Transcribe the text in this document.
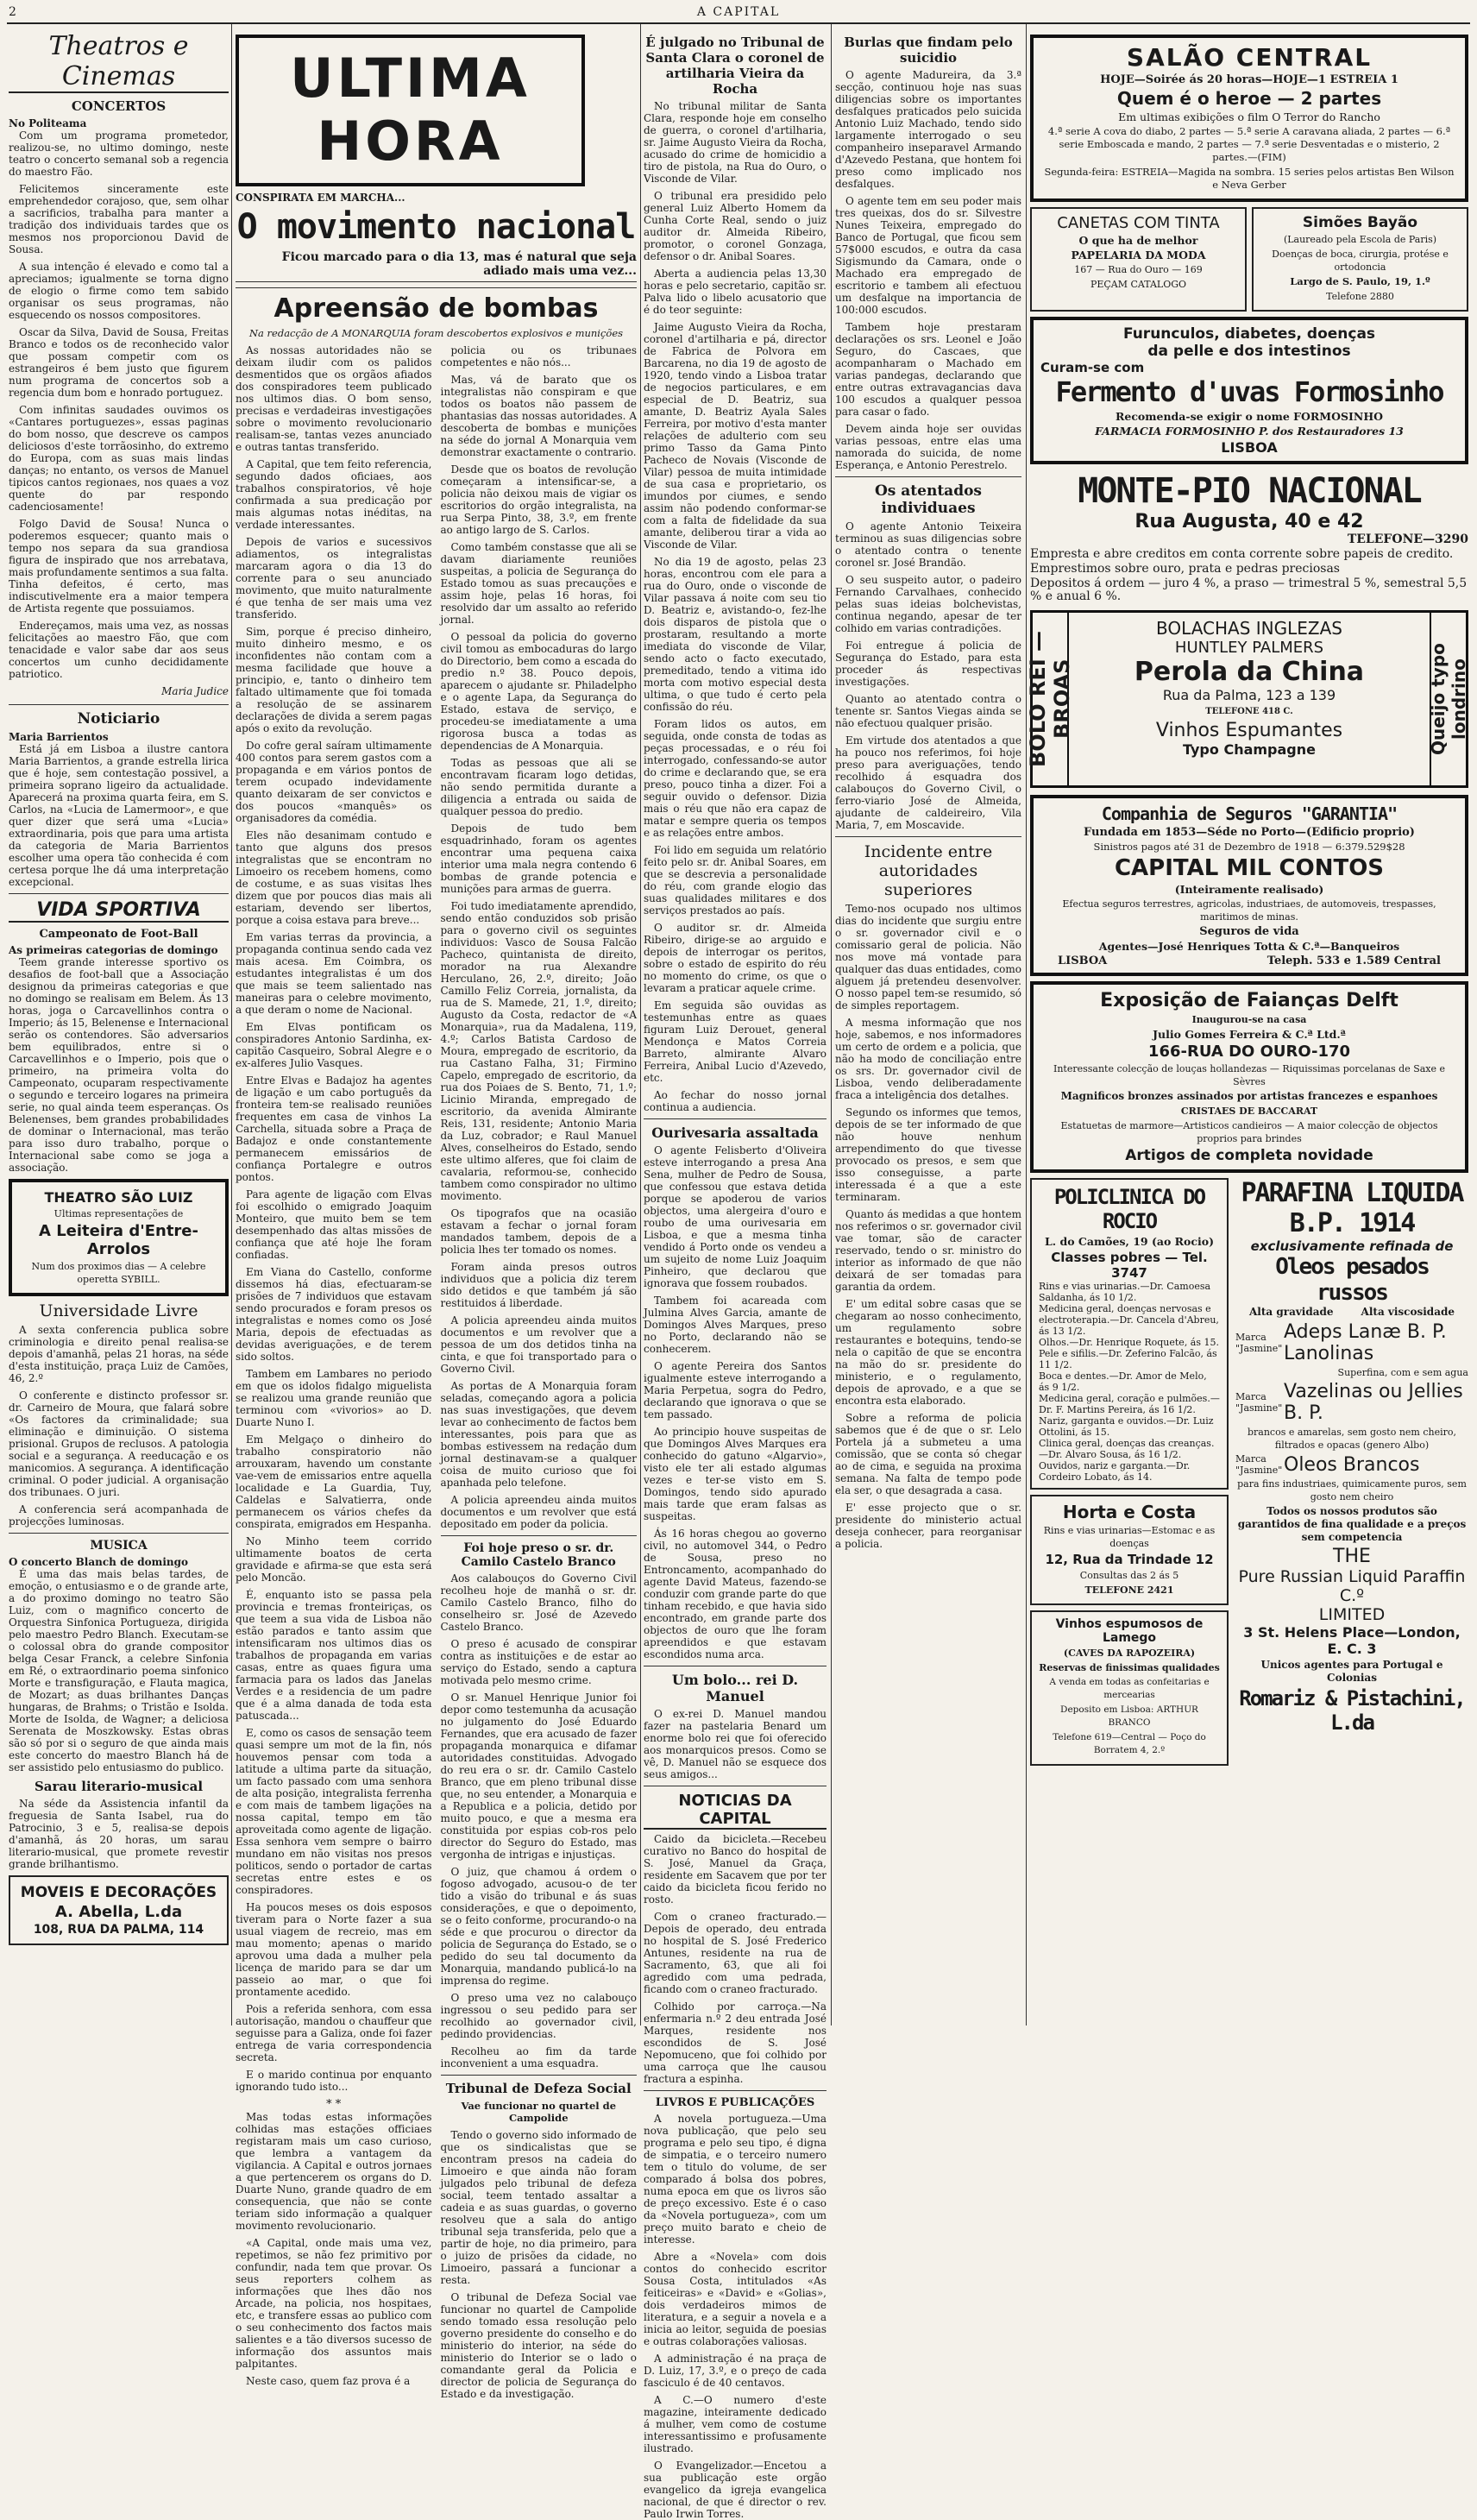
2	A CAPITAL
Theatros e Cinemas
CONCERTOS
No Politeama

Com um programa prometedor, realizou-se, no ultimo domingo, neste teatro o concerto semanal sob a regencia do maestro Fão.

Felicitemos sinceramente este emprehendedor corajoso, que, sem olhar a sacrificios, trabalha para manter a tradição dos individuais tardes que os mesmos nos proporcionou David de Sousa.

A sua intenção é elevado e como tal a apreciamos; igualmente se torna digno de elogio o firme como tem sabido organisar os seus programas, não esquecendo os nossos compositores.

Oscar da Silva, David de Sousa, Freitas Branco e todos os de reconhecido valor que possam competir com os estrangeiros é bem justo que figurem num programa de concertos sob a regencia dum bom e honrado portuguez.

Com infinitas saudades ouvimos os «Cantares portuguezes», essas paginas do bom nosso, que descreve os campos deliciosos d'este torrãosinho, do extremo do Europa, com as suas mais lindas danças; no entanto, os versos de Manuel tipicos cantos regionaes, nos quaes a voz quente do par respondo cadenciosamente!

Folgo David de Sousa! Nunca o poderemos esquecer; quanto mais o tempo nos separa da sua grandiosa figura de inspirado que nos arrebatava, mais profundamente sentimos a sua falta. Tinha defeitos, é certo, mas indiscutivelmente era a maior tempera de Artista regente que possuiamos.

Endereçamos, mais uma vez, as nossas felicitações ao maestro Fão, que com tenacidade e valor sabe dar aos seus concertos um cunho decididamente patriotico.

Maria Judice
Noticiario
Maria Barrientos

Está já em Lisboa a ilustre cantora Maria Barrientos, a grande estrella lirica que é hoje, sem contestação possivel, a primeira soprano ligeiro da actualidade. Aparecerá na proxima quarta feira, em S. Carlos, na «Lucia de Lamermoor», e que quer dizer que será uma «Lucia» extraordinaria, pois que para uma artista da categoria de Maria Barrientos escolher uma opera tão conhecida é com certesa porque lhe dá uma interpretação excepcional.

VIDA SPORTIVA
Campeonato de Foot-Ball
As primeiras categorias de domingo

Teem grande interesse sportivo os desafios de foot-ball que a Associação designou da primeiras categorias e que no domingo se realisam em Belem. Ás 13 horas, joga o Carcavellinhos contra o Imperio; ás 15, Belenense e Internacional serão os contendores. São adversarios bem equilibrados, entre si o Carcavellinhos e o Imperio, pois que o primeiro, na primeira volta do Campeonato, ocuparam respectivamente o segundo e terceiro logares na primeira serie, no qual ainda teem esperanças. Os Belenenses, bem grandes probabilidades de dominar o Internacional, mas terão para isso duro trabalho, porque o Internacional sabe como se joga a associação.

THEATRO SÃO LUIZ
Ultimas representações de
A Leiteira d'Entre-Arrolos
Num dos proximos dias — A celebre operetta SYBILL.
Universidade Livre

A sexta conferencia publica sobre criminologia e direito penal realisa-se depois d'amanhã, pelas 21 horas, na séde d'esta instituição, praça Luiz de Camões, 46, 2.º

O conferente e distincto professor sr. dr. Carneiro de Moura, que falará sobre «Os factores da criminalidade; sua eliminação e diminuição. O sistema prisional. Grupos de reclusos. A patologia social e a segurança. A reeducação e os manicomios. A segurança. A identificação criminal. O poder judicial. A organisação dos tribunaes. O juri.

A conferencia será acompanhada de projecções luminosas.

MUSICA
O concerto Blanch de domingo

É uma das mais belas tardes, de emoção, o entusiasmo e o de grande arte, a do proximo domingo no teatro São Luiz, com o magnifico concerto de Orquestra Sinfonica Portugueza, dirigida pelo maestro Pedro Blanch. Executam-se o colossal obra do grande compositor belga Cesar Franck, a celebre Sinfonia em Ré, o extraordinario poema sinfonico Morte e transfiguração, e Flauta magica, de Mozart; as duas brilhantes Danças hungaras, de Brahms; o Tristão e Isolda. Morte de Isolda, de Wagner; a deliciosa Serenata de Moszkowsky. Estas obras são só por si o seguro de que ainda mais este concerto do maestro Blanch há de ser assistido pelo entusiasmo do publico.

Sarau literario-musical

Na séde da Assistencia infantil da freguesia de Santa Isabel, rua do Patrocinio, 3 e 5, realisa-se depois d'amanhã, ás 20 horas, um sarau literario-musical, que promete revestir grande brilhantismo.

MOVEIS E DECORAÇÕES
A. Abella, L.da
108, RUA DA PALMA, 114
ULTIMA HORA
CONSPIRATA EM MARCHA...
O movimento nacional
Ficou marcado para o dia 13, mas é natural que seja adiado mais uma vez...
Apreensão de bombas
Na redacção de A MONARQUIA foram descobertos explosivos e munições

As nossas autoridades não se deixam iludir com os palidos desmentidos que os orgãos afiados dos conspiradores teem publicado nos ultimos dias. O bom senso, precisas e verdadeiras investigações sobre o movimento revolucionario realisam-se, tantas vezes anunciado e outras tantas transferido.

A Capital, que tem feito referencia, segundo dados oficiaes, aos trabalhos conspiratorios, vê hoje confirmada a sua predicação por mais algumas notas inéditas, na verdade interessantes.

Depois de varios e sucessivos adiamentos, os integralistas marcaram agora o dia 13 do corrente para o seu anunciado movimento, que muito naturalmente é que tenha de ser mais uma vez transferido.

Sim, porque é preciso dinheiro, muito dinheiro mesmo, e os inconfidentes não contam com a mesma facilidade que houve a principio, e, tanto o dinheiro tem faltado ultimamente que foi tomada a resolução de se assinarem declarações de divida a serem pagas após o exito da revolução.

Do cofre geral saíram ultimamente 400 contos para serem gastos com a propaganda e em vários pontos de terem ocupado indevidamente quanto deixaram de ser convictos e dos poucos «manquês» os organisadores da comédia.

Eles não desanimam contudo e tanto que alguns dos presos integralistas que se encontram no Limoeiro os recebem homens, como de costume, e as suas visitas lhes dizem que por poucos dias mais ali estariam, devendo ser libertos, porque a coisa estava para breve...

Em varias terras da provincia, a propaganda continua sendo cada vez mais acesa. Em Coimbra, os estudantes integralistas é um dos que mais se teem salientado nas maneiras para o celebre movimento, a que deram o nome de Nacional.

Em Elvas pontificam os conspiradores Antonio Sardinha, ex-capitão Casqueiro, Sobral Alegre e o ex-alferes Julio Vasques.

Entre Elvas e Badajoz ha agentes de ligação e um cabo português da fronteira tem-se realisado reuniões frequentes em casa de vinhos La Carchella, situada sobre a Praça de Badajoz e onde constantemente permanecem emissários de confiança Portalegre e outros pontos.

Para agente de ligação com Elvas foi escolhido o emigrado Joaquim Monteiro, que muito bem se tem desempenhado das altas missões de confiança que até hoje lhe foram confiadas.

Em Viana do Castello, conforme dissemos há dias, efectuaram-se prisões de 7 individuos que estavam sendo procurados e foram presos os integralistas e nomes como os José Maria, depois de efectuadas as devidas averiguações, e de terem sido soltos.

Tambem em Lambares no periodo em que os idolos fidalgo miguelista se realizou uma grande reunião que terminou com «vivorios» ao D. Duarte Nuno I.

Em Melgaço o dinheiro do trabalho conspiratorio não arrouxaram, havendo um constante vae-vem de emissarios entre aquella localidade e La Guardia, Tuy, Caldelas e Salvatierra, onde permanecem os vários chefes da conspirata, emigrados em Hespanha.

No Minho teem corrido ultimamente boatos de certa gravidade e afirma-se que esta será pelo Moncão.

É, enquanto isto se passa pela provincia e tremas fronteiriças, os que teem a sua vida de Lisboa não estão parados e tanto assim que intensificaram nos ultimos dias os trabalhos de propaganda em varias casas, entre as quaes figura uma farmacia para os lados das Janelas Verdes e a residencia de um padre que é a alma danada de toda esta patuscada...

E, como os casos de sensação teem quasi sempre um mot de la fin, nós houvemos pensar com toda a latitude a ultima parte da situação, um facto passado com uma senhora de alta posição, integralista ferrenha e com mais de tambem ligações na nossa capital, tempo em tão aproveitada como agente de ligação. Essa senhora vem sempre o bairro mundano em não visitas nos presos politicos, sendo o portador de cartas secretas entre estes e os conspiradores.

Ha poucos meses os dois esposos tiveram para o Norte fazer a sua usual viagem de recreio, mas em mau momento; apenas o marido aprovou uma dada a mulher pela licença de marido para se dar um passeio ao mar, o que foi prontamente acedido.

Pois a referida senhora, com essa autorisação, mandou o chauffeur que seguisse para a Galiza, onde foi fazer entrega de varia correspondencia secreta.

E o marido continua por enquanto ignorando tudo isto...

* *

Mas todas estas informações colhidas mas estações officiaes registaram mais um caso curioso, que lembra a vantagem da vigilancia. A Capital e outros jornaes a que pertencerem os organs do D. Duarte Nuno, grande quadro de em consequencia, que não se conte teriam sido informação a qualquer movimento revolucionario.

«A Capital, onde mais uma vez, repetimos, se não fez primitivo por confundir, nada tem que provar. Os seus reporters colhem as informações que lhes dão nos Arcade, na policia, nos hospitaes, etc, e transfere essas ao publico com o seu conhecimento dos factos mais salientes e a tão diversos sucesso de informação dos assuntos mais palpitantes.

Neste caso, quem faz prova é a

policia ou os tribunaes competentes e não nós...

Mas, vá de barato que os integralistas não conspiram e que todos os boatos não passem de phantasias das nossas autoridades. A descoberta de bombas e munições na séde do jornal A Monarquia vem demonstrar exactamente o contrario.

Desde que os boatos de revolução começaram a intensificar-se, a policia não deixou mais de vigiar os escritorios do orgão integralista, na rua Serpa Pinto, 38, 3.º, em frente ao antigo largo de S. Carlos.

Como também constasse que ali se davam diariamente reuniões suspeitas, a policia de Segurança do Estado tomou as suas precauções e assim hoje, pelas 16 horas, foi resolvido dar um assalto ao referido jornal.

O pessoal da policia do governo civil tomou as embocaduras do largo do Directorio, bem como a escada do predio n.º 38. Pouco depois, aparecem o ajudante sr. Philadelpho e o agente Lapa, da Segurança do Estado, estava de serviço, e procedeu-se imediatamente a uma rigorosa busca a todas as dependencias de A Monarquia.

Todas as pessoas que ali se encontravam ficaram logo detidas, não sendo permitida durante a diligencia a entrada ou saida de qualquer pessoa do predio.

Depois de tudo bem esquadrinhado, foram os agentes encontrar uma pequena caixa interior uma mala negra contendo 6 bombas de grande potencia e munições para armas de guerra.

Foi tudo imediatamente aprendido, sendo então conduzidos sob prisão para o governo civil os seguintes individuos: Vasco de Sousa Falcão Pacheco, quintanista de direito, morador na rua Alexandre Herculano, 26, 2.º, direito; João Camillo Feliz Correia, jornalista, da rua de S. Mamede, 21, 1.º, direito; Augusto da Costa, redactor de «A Monarquia», rua da Madalena, 119, 4.º; Carlos Batista Cardoso de Moura, empregado de escritorio, da rua Castano Falha, 31; Firmino Capelo, empregado de escritorio, da rua dos Poiaes de S. Bento, 71, 1.º; Licinio Miranda, empregado de escritorio, da avenida Almirante Reis, 131, residente; Antonio Maria da Luz, cobrador; e Raul Manuel Alves, conselheiros do Estado, sendo este ultimo alferes, que foi claim de cavalaria, reformou-se, conhecido tambem como conspirador no ultimo movimento.

Os tipografos que na ocasião estavam a fechar o jornal foram mandados tambem, depois de a policia lhes ter tomado os nomes.

Foram ainda presos outros individuos que a policia diz terem sido detidos e que também já são restituidos á liberdade.

A policia apreendeu ainda muitos documentos e um revolver que a pessoa de um dos detidos tinha na cinta, e que foi transportado para o Governo Civil.

As portas de A Monarquia foram seladas, começando agora a policia nas suas investigações, que devem levar ao conhecimento de factos bem interessantes, pois para que as bombas estivessem na redação dum jornal destinavam-se a qualquer coisa de muito curioso que foi apanhada pelo telefone.

A policia apreendeu ainda muitos documentos e um revolver que está depositado em poder da policia.

Foi hoje preso o sr. dr. Camilo Castelo Branco

Aos calabouços do Governo Civil recolheu hoje de manhã o sr. dr. Camilo Castelo Branco, filho do conselheiro sr. José de Azevedo Castelo Branco.

O preso é acusado de conspirar contra as instituições e de estar ao serviço do Estado, sendo a captura motivada pelo mesmo crime.

O sr. Manuel Henrique Junior foi depor como testemunha da acusação no julgamento do José Eduardo Fernandes, que era acusado de fazer propaganda monarquica e difamar autoridades constituidas. Advogado do reu era o sr. dr. Camilo Castelo Branco, que em pleno tribunal disse que, no seu entender, a Monarquia e a Republica e a policia, detido por muito pouco, e que a mesma era constituida por espias cob-ros pelo director do Seguro do Estado, mas vergonha de intrigas e injustiças.

O juiz, que chamou á ordem o fogoso advogado, acusou-o de ter tido a visão do tribunal e ás suas considerações, e que o depoimento, se o feito conforme, procurando-o na séde e que procurou o director da policia de Segurança do Estado, se o pedido do seu tal documento da Monarquia, mandando publicá-lo na imprensa do regime.

O preso uma vez no calabouço ingressou o seu pedido para ser recolhido ao governador civil, pedindo providencias.

Recolheu ao fim da tarde inconvenient a uma esquadra.

Tribunal de Defeza Social
Vae funcionar no quartel de Campolide

Tendo o governo sido informado de que os sindicalistas que se encontram presos na cadeia do Limoeiro e que ainda não foram julgados pelo tribunal de defeza social, teem tentado assaltar a cadeia e as suas guardas, o governo resolveu que a sala do antigo tribunal seja transferida, pelo que a partir de hoje, no dia primeiro, para o juizo de prisões da cidade, no Limoeiro, passará a funcionar a resta.

O tribunal de Defeza Social vae funcionar no quartel de Campolide sendo tomado essa resolução pelo governo presidente do conselho e do ministerio do interior, na séde do ministerio do Interior se o lado o comandante geral da Policia e director de policia de Segurança do Estado e da investigação.

É julgado no Tribunal de Santa Clara o coronel de artilharia Vieira da Rocha

No tribunal militar de Santa Clara, responde hoje em conselho de guerra, o coronel d'artilharia, sr. Jaime Augusto Vieira da Rocha, acusado do crime de homicidio a tiro de pistola, na Rua do Ouro, o Visconde de Vilar.

O tribunal era presidido pelo general Luiz Alberto Homem da Cunha Corte Real, sendo o juiz auditor dr. Almeida Ribeiro, promotor, o coronel Gonzaga, defensor o dr. Anibal Soares.

Aberta a audiencia pelas 13,30 horas e pelo secretario, capitão sr. Palva lido o libelo acusatorio que é do teor seguinte:

Jaime Augusto Vieira da Rocha, coronel d'artilharia e pá, director de Fabrica de Polvora em Barcarena, no dia 19 de agosto de 1920, tendo vindo a Lisboa tratar de negocios particulares, e em especial de D. Beatriz, sua amante, D. Beatriz Ayala Sales Ferreira, por motivo d'esta manter relações de adulterio com seu primo Tasso da Gama Pinto Pacheco de Novais (Visconde de Vilar) pessoa de muita intimidade de sua casa e proprietario, os imundos por ciumes, e sendo assim não podendo conformar-se com a falta de fidelidade da sua amante, deliberou tirar a vida ao Visconde de Vilar.

No dia 19 de agosto, pelas 23 horas, encontrou com ele para a rua do Ouro, onde o visconde de Vilar passava á noite com seu tio D. Beatriz e, avistando-o, fez-lhe dois disparos de pistola que o prostaram, resultando a morte imediata do visconde de Vilar, sendo acto o facto executado, premeditado, tendo a vitima ido morta com motivo especial desta ultima, o que tudo é certo pela confissão do réu.

Foram lidos os autos, em seguida, onde consta de todas as peças processadas, e o réu foi interrogado, confessando-se autor do crime e declarando que, se era preso, pouco tinha a dizer. Foi a seguir ouvido o defensor. Dizia mais o réu que não era capaz de matar e sempre queria os tempos e as relações entre ambos.

Foi lido em seguida um relatório feito pelo sr. dr. Anibal Soares, em que se descrevia a personalidade do réu, com grande elogio das suas qualidades militares e dos serviços prestados ao país.

O auditor sr. dr. Almeida Ribeiro, dirige-se ao arguido e depois de interrogar os peritos, sobre o estado de espirito do réu no momento do crime, os que o levaram a praticar aquele crime.

Em seguida são ouvidas as testemunhas entre as quaes figuram Luiz Derouet, general Mendonça e Matos Correia Barreto, almirante Alvaro Ferreira, Anibal Lucio d'Azevedo, etc.

Ao fechar do nosso jornal continua a audiencia.

Ourivesaria assaltada

O agente Felisberto d'Oliveira esteve interrogando a presa Ana Sena, mulher de Pedro de Sousa, que confessou que estava detida porque se apoderou de varios objectos, uma alergeira d'ouro e roubo de uma ourivesaria em Lisboa, e que a mesma tinha vendido á Porto onde os vendeu a um sujeito de nome Luiz Joaquim Pinheiro, que declarou que ignorava que fossem roubados.

Tambem foi acareada com Julmina Alves Garcia, amante de Domingos Alves Marques, preso no Porto, declarando não se conhecerem.

O agente Pereira dos Santos igualmente esteve interrogando a Maria Perpetua, sogra do Pedro, declarando que ignorava o que se tem passado.

Ao principio houve suspeitas de que Domingos Alves Marques era conhecido do gatuno «Algarvio», visto ele ter ali estado algumas vezes e ter-se visto em S. Domingos, tendo sido apurado mais tarde que eram falsas as suspeitas.

Ás 16 horas chegou ao governo civil, no automovel 344, o Pedro de Sousa, preso no Entroncamento, acompanhado do agente David Mateus, fazendo-se conduzir com grande parte do que tinham recebido, e que havia sido encontrado, em grande parte dos objectos de ouro que lhe foram apreendidos e que estavam escondidos numa arca.

Um bolo... rei D. Manuel

O ex-rei D. Manuel mandou fazer na pastelaria Benard um enorme bolo rei que foi oferecido aos monarquicos presos. Como se vê, D. Manuel não se esquece dos seus amigos...

NOTICIAS DA CAPITAL

Caido da bicicleta.—Recebeu curativo no Banco do hospital de S. José, Manuel da Graça, residente em Sacavem que por ter caido da bicicleta ficou ferido no rosto.

Com o craneo fracturado.—Depois de operado, deu entrada no hospital de S. José Frederico Antunes, residente na rua de Sacramento, 63, que ali foi agredido com uma pedrada, ficando com o craneo fracturado.

Colhido por carroça.—Na enfermaria n.º 2 deu entrada José Marques, residente nos escondidos de S. José Nepomuceno, que foi colhido por uma carroça que lhe causou fractura a espinha.

LIVROS E PUBLICAÇÕES

A novela portugueza.—Uma nova publicação, que pelo seu programa e pelo seu tipo, é digna de simpatia, e o terceiro numero tem o titulo do volume, de ser comparado á bolsa dos pobres, numa epoca em que os livros são de preço excessivo. Este é o caso da «Novela portugueza», com um preço muito barato e cheio de interesse.

Abre a «Novela» com dois contos do conhecido escritor Sousa Costa, intitulados «As feiticeiras» e «David» e «Golias», dois verdadeiros mimos de literatura, e a seguir a novela e a inicia ao leitor, seguida de poesias e outras colaborações valiosas.

A administração é na praça de D. Luiz, 17, 3.º, e o preço de cada fasciculo é de 40 centavos.

A C.—O numero d'este magazine, inteiramente dedicado á mulher, vem como de costume interessantissimo e profusamente ilustrado.

O Evangelizador.—Encetou a sua publicação este orgão evangelico da igreja evangelica nacional, de que é director o rev. Paulo Irwin Torres.

Burlas que findam pelo suicidio

O agente Madureira, da 3.ª secção, continuou hoje nas suas diligencias sobre os importantes desfalques praticados pelo suicida Antonio Luiz Machado, tendo sido largamente interrogado o seu companheiro inseparavel Armando d'Azevedo Pestana, que hontem foi preso como implicado nos desfalques.

O agente tem em seu poder mais tres queixas, dos do sr. Silvestre Nunes Teixeira, empregado do Banco de Portugal, que ficou sem 57$000 escudos, e outra da casa Sigismundo da Camara, onde o Machado era empregado de escritorio e tambem ali efectuou um desfalque na importancia de 100:000 escudos.

Tambem hoje prestaram declarações os srs. Leonel e João Seguro, do Cascaes, que acompanharam o Machado em varias pandegas, declarando que entre outras extravagancias dava 100 escudos a qualquer pessoa para casar o fado.

Devem ainda hoje ser ouvidas varias pessoas, entre elas uma namorada do suicida, de nome Esperança, e Antonio Perestrelo.

Os atentados individuaes

O agente Antonio Teixeira terminou as suas diligencias sobre o atentado contra o tenente coronel sr. José Brandão.

O seu suspeito autor, o padeiro Fernando Carvalhaes, conhecido pelas suas ideias bolchevistas, continua negando, apesar de ter colhido em varias contradições.

Foi entregue á policia de Segurança do Estado, para esta proceder ás respectivas investigações.

Quanto ao atentado contra o tenente sr. Santos Viegas ainda se não efectuou qualquer prisão.

Em virtude dos atentados a que ha pouco nos referimos, foi hoje preso para averiguações, tendo recolhido á esquadra dos calabouços do Governo Civil, o ferro-viario José de Almeida, ajudante de caldeireiro, Vila Maria, 7, em Moscavide.

Incidente entre autoridades superiores

Temo-nos ocupado nos ultimos dias do incidente que surgiu entre o sr. governador civil e o comissario geral de policia. Não nos move má vontade para qualquer das duas entidades, como alguem já pretendeu desenvolver. O nosso papel tem-se resumido, só de simples reportagem.

A mesma informação que nos hoje, sabemos, e nos informadores um certo de ordem e a policia, que não ha modo de conciliação entre os srs. Dr. governador civil de Lisboa, vendo deliberadamente fraca a inteligência dos detalhes.

Segundo os informes que temos, depois de se ter informado de que não houve nenhum arrependimento do que tivesse provocado os presos, e sem que isso conseguisse, a parte interessada é a que a este terminaram.

Quanto ás medidas a que hontem nos referimos o sr. governador civil vae tomar, são de caracter reservado, tendo o sr. ministro do interior as informado de que não deixará de ser tomadas para garantia da ordem.

E' um edital sobre casas que se chegaram ao nosso conhecimento, um regulamento sobre restaurantes e botequins, tendo-se nela o capitão de que se encontra na mão do sr. presidente do ministerio, e o regulamento, depois de aprovado, e a que se encontra esta elaborado.

Sobre a reforma de policia sabemos que é de que o sr. Lelo Portela já a submeteu a uma comissão, que se conta só chegar ao de cima, e seguida na proxima semana. Na falta de tempo pode ela ser, o que desagrada a casa.

E' esse projecto que o sr. presidente do ministerio actual deseja conhecer, para reorganisar a policia.

SALÃO CENTRAL
HOJE—Soirée ás 20 horas—HOJE—1 ESTREIA 1
Quem é o heroe — 2 partes
Em ultimas exibições o film O Terror do Rancho
4.ª serie A cova do diabo, 2 partes — 5.ª serie A caravana aliada, 2 partes — 6.ª serie Emboscada e mando, 2 partes — 7.ª serie Desventadas e o misterio, 2 partes.—(FIM)
Segunda-feira: ESTREIA—Magida na sombra. 15 series pelos artistas Ben Wilson e Neva Gerber
CANETAS COM TINTA
O que ha de melhor
PAPELARIA DA MODA
167 — Rua do Ouro — 169
PEÇAM CATALOGO
Simões Bayão
(Laureado pela Escola de Paris)
Doenças de boca, cirurgia, protése e ortodoncia
Largo de S. Paulo, 19, 1.º
Telefone 2880
Furunculos, diabetes, doenças
da pelle e dos intestinos
Curam-se com
Fermento d'uvas Formosinho
Recomenda-se exigir o nome FORMOSINHO
FARMACIA FORMOSINHO P. dos Restauradores 13
LISBOA
MONTE-PIO NACIONAL
Rua Augusta, 40 e 42
TELEFONE—3290
Empresta e abre creditos em conta corrente sobre papeis de credito.
Emprestimos sobre ouro, prata e pedras preciosas
Depositos á ordem — juro 4 %, a praso — trimestral 5 %, semestral 5,5 % e anual 6 %.
BOLO REI — BROAS
BOLACHAS INGLEZAS
HUNTLEY PALMERS
Perola da China
Rua da Palma, 123 a 139
TELEFONE 418 C.
Vinhos Espumantes
Typo Champagne	Queijo typo londrino
Companhia de Seguros "GARANTIA"
Fundada em 1853—Séde no Porto—(Edificio proprio)
Sinistros pagos até 31 de Dezembro de 1918 — 6:379.529$28
CAPITAL MIL CONTOS
(Inteiramente realisado)
Efectua seguros terrestres, agricolas, industriaes, de automoveis, trespasses, maritimos de minas.
Seguros de vida
Agentes—José Henriques Totta & C.ª—Banqueiros
LISBOA	Teleph. 533 e 1.589 Central
Exposição de Faianças Delft
Inaugurou-se na casa
Julio Gomes Ferreira & C.ª Ltd.ª
166-RUA DO OURO-170
Interessante colecção de louças hollandezas — Riquissimas porcelanas de Saxe e Sèvres
Magnificos bronzes assinados por artistas francezes e espanhoes
CRISTAES DE BACCARAT
Estatuetas de marmore—Artisticos candieiros — A maior colecção de objectos proprios para brindes
Artigos de completa novidade
POLICLINICA DO ROCIO
L. do Camões, 19 (ao Rocio)
Classes pobres — Tel. 3747
Rins e vias urinarias.—Dr. Camoesa Saldanha, ás 10 1/2.
Medicina geral, doenças nervosas e electroterapia.—Dr. Cancela d'Abreu, ás 13 1/2.
Olhos.—Dr. Henrique Roquete, ás 15.
Pele e sifilis.—Dr. Zeferino Falcão, ás 11 1/2.
Boca e dentes.—Dr. Amor de Melo, ás 9 1/2.
Medicina geral, coração e pulmões.—Dr. F. Martins Pereira, ás 16 1/2.
Nariz, garganta e ouvidos.—Dr. Luiz Ottolini, ás 15.
Clinica geral, doenças das creanças.—Dr. Alvaro Sousa, ás 16 1/2.
Ouvidos, nariz e garganta.—Dr. Cordeiro Lobato, ás 14.
Horta e Costa
Rins e vias urinarias—Estomac e as doenças
12, Rua da Trindade 12
Consultas das 2 ás 5
TELEFONE 2421
Vinhos espumosos de Lamego
(CAVES DA RAPOZEIRA)
Reservas de finissimas qualidades
A venda em todas as confeitarias e mercearias
Deposito em Lisboa: ARTHUR BRANCO
Telefone 619—Central — Poço do Borratem 4, 2.º
PARAFINA LIQUIDA B.P. 1914
exclusivamente refinada de
Oleos pesados russos
Alta gravidade	Alta viscosidade
Marca "Jasmine"
Adeps Lanæ B. P. Lanolinas
Superfina, com e sem agua
Marca "Jasmine"
Vazelinas ou Jellies B. P.
brancos e amarelas, sem gosto nem cheiro, filtrados e opacas (genero Albo)
Marca "Jasmine" Oleos Brancos
para fins industriaes, quimicamente puros, sem gosto nem cheiro
Todos os nossos produtos são garantidos de fina qualidade e a preços sem competencia
THE
Pure Russian Liquid Paraffin C.º
LIMITED
3 St. Helens Place—London, E. C. 3
Unicos agentes para Portugal e Colonias
Romariz & Pistachini, L.da
